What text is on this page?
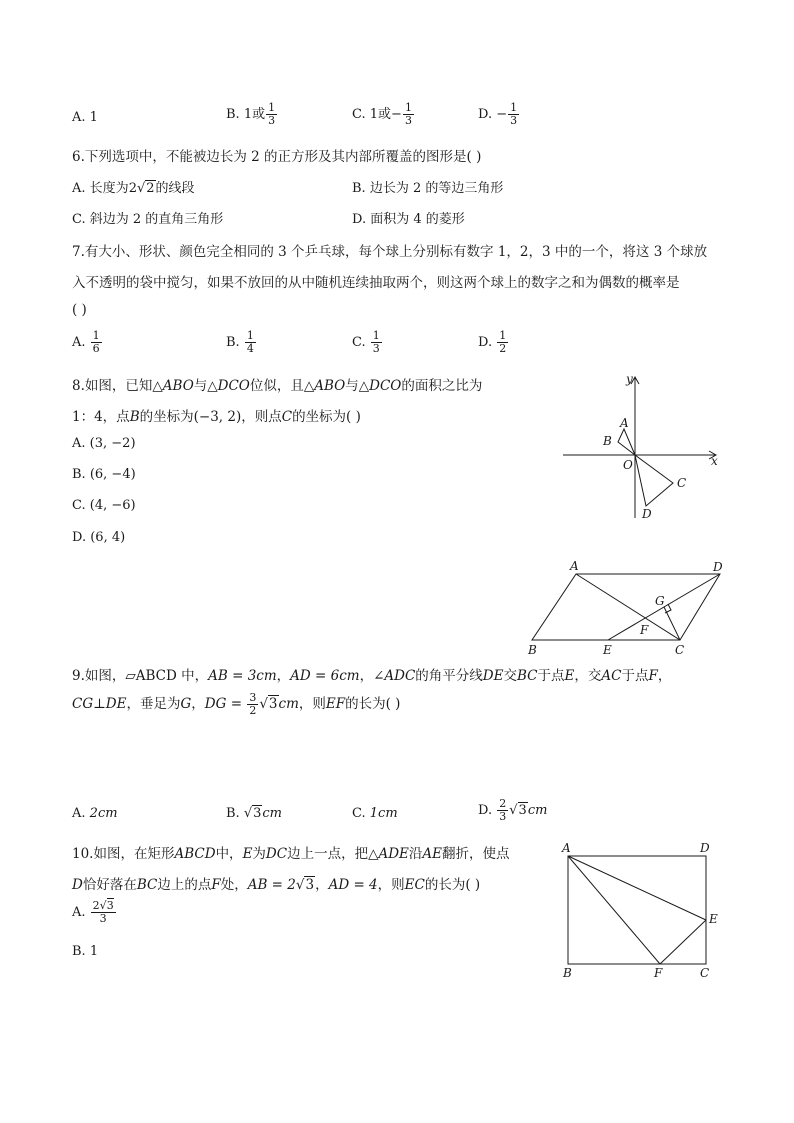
A. 1	B. 1或 $\frac{1}{3}$	C. 1或− $\frac{1}{3}$	D. − $\frac{1}{3}$
6.下列选项中，不能被边长为 2 的正方形及其内部所覆盖的图形是( )
A. 长度为2√2的线段	B. 边长为 2 的等边三角形
C. 斜边为 2 的直角三角形	D. 面积为 4 的菱形
7.有大小、形状、颜色完全相同的 3 个乒乓球，每个球上分别标有数字 1，2，3 中的一个，将这 3 个球放
入不透明的袋中搅匀，如果不放回的从中随机连续抽取两个，则这两个球上的数字之和为偶数的概率是
( )
A. $\frac{1}{6}$	B. $\frac{1}{4}$	C. $\frac{1}{3}$	D. $\frac{1}{2}$
8.如图，已知△ABO与△DCO位似，且△ABO与△DCO的面积之比为
1：4，点B的坐标为(−3, 2)，则点C的坐标为( )
A. (3, −2)
B. (6, −4)
C. (4, −6)
D. (6, 4)
y
x
A
B
O
C
D
A	D
G
F
B	E	C
9.如图，▱ABCD 中，AB = 3cm，AD = 6cm，∠ADC的角平分线DE交BC于点E，交AC于点F，
CG⊥DE，垂足为G，DG = $\frac{3}{2} √3cm$，则EF的长为( )
A. 2cm	B. √3cm	C. 1cm	D. $\frac{2}{3} √3cm$
10.如图，在矩形ABCD中，E为DC边上一点，把△ADE沿AE翻折，使点
D恰好落在BC边上的点F处，AB = 2√3，AD = 4，则EC的长为( )
A. $\frac{2√3}{3}$
B. 1
A	D
E
B	F	C
